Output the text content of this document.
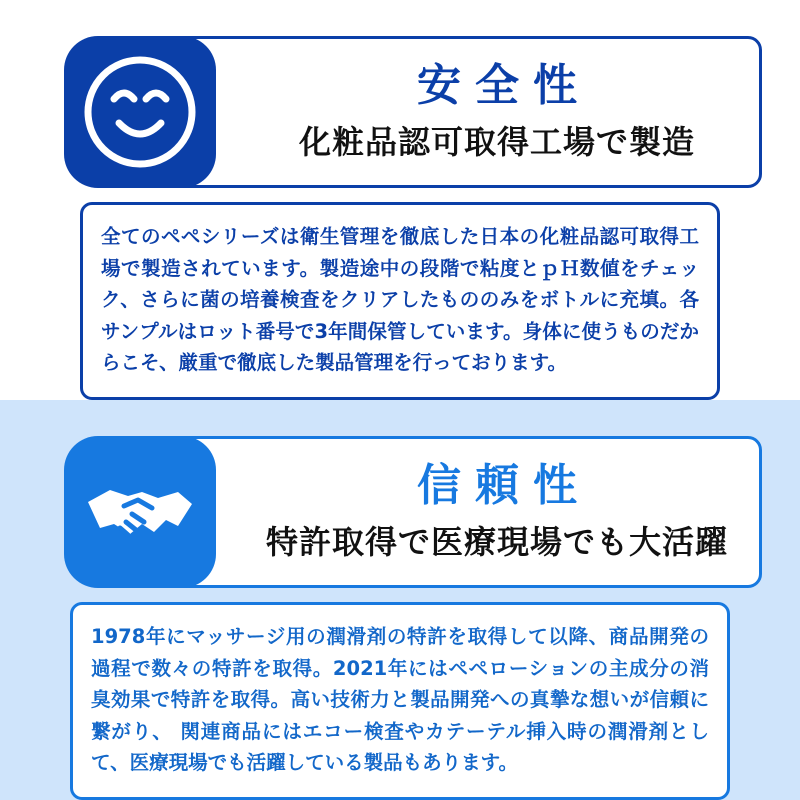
安全性
化粧品認可取得工場で製造
全てのペペシリーズは衛生管理を徹底した日本の化粧品認可取得工場で製造されています。製造途中の段階で粘度とｐＨ数値をチェック、さらに菌の培養検査をクリアしたもののみをボトルに充填。各サンプルはロット番号で3年間保管しています。身体に使うものだからこそ、厳重で徹底した製品管理を行っております。
信頼性
特許取得で医療現場でも大活躍
1978年にマッサージ用の潤滑剤の特許を取得して以降、商品開発の過程で数々の特許を取得。2021年にはペペローションの主成分の消臭効果で特許を取得。高い技術力と製品開発への真摯な想いが信頼に繋がり、 関連商品にはエコー検査やカテーテル挿入時の潤滑剤として、医療現場でも活躍している製品もあります。
